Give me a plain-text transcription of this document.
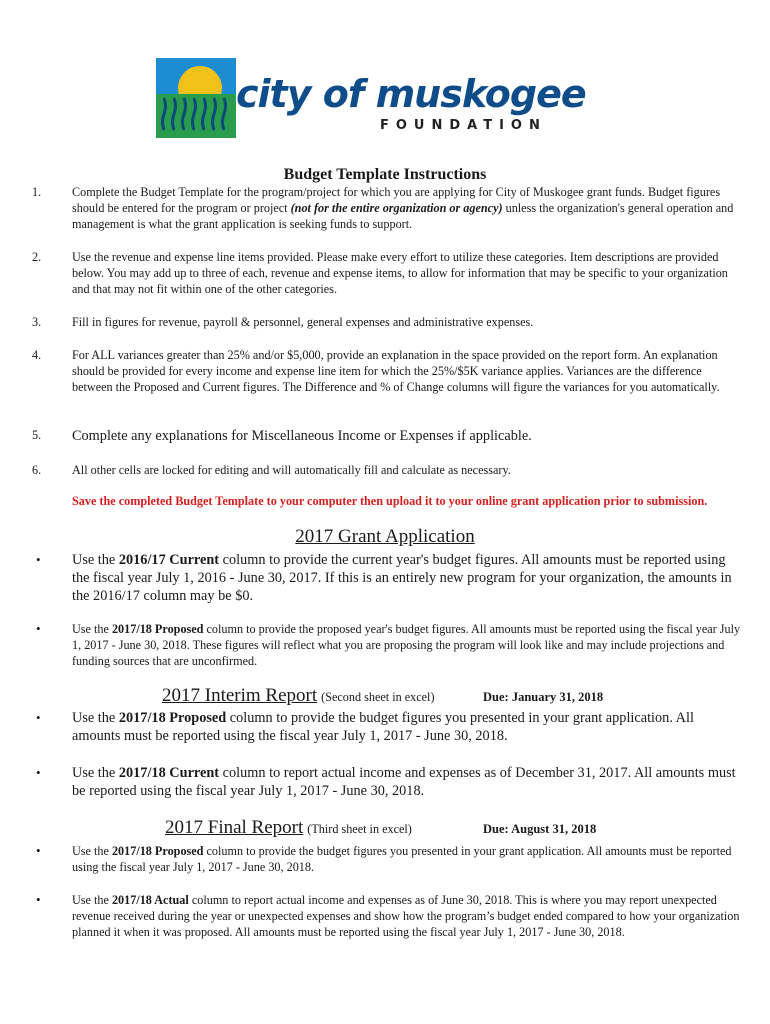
city of muskogee
FOUNDATION
Budget Template Instructions
1.	Complete the Budget Template for the program/project for which you are applying for City of Muskogee grant funds. Budget figures should be entered for the program or project (not for the entire organization or agency) unless the organization's general operation and management is what the grant application is seeking funds to support.
2.	Use the revenue and expense line items provided. Please make every effort to utilize these categories. Item descriptions are provided below. You may add up to three of each, revenue and expense items, to allow for information that may be specific to your organization and that may not fit within one of the other categories.
3.	Fill in figures for revenue, payroll & personnel, general expenses and administrative expenses.
4.	For ALL variances greater than 25% and/or $5,000, provide an explanation in the space provided on the report form. An explanation should be provided for every income and expense line item for which the 25%/$5K variance applies. Variances are the difference between the Proposed and Current figures. The Difference and % of Change columns will figure the variances for you automatically.
5. Complete any explanations for Miscellaneous Income or Expenses if applicable.
6.	All other cells are locked for editing and will automatically fill and calculate as necessary.
Save the completed Budget Template to your computer then upload it to your online grant application prior to submission.
2017 Grant Application
• Use the 2016/17 Current column to provide the current year's budget figures. All amounts must be reported using the fiscal year July 1, 2016 - June 30, 2017. If this is an entirely new program for your organization, the amounts in the 2016/17 column may be $0.
•	Use the 2017/18 Proposed column to provide the proposed year's budget figures. All amounts must be reported using the fiscal year July 1, 2017 - June 30, 2018. These figures will reflect what you are proposing the program will look like and may include projections and funding sources that are unconfirmed.
2017 Interim Report (Second sheet in excel)	Due: January 31, 2018
• Use the 2017/18 Proposed column to provide the budget figures you presented in your grant application. All amounts must be reported using the fiscal year July 1, 2017 - June 30, 2018.
• Use the 2017/18 Current column to report actual income and expenses as of December 31, 2017. All amounts must be reported using the fiscal year July 1, 2017 - June 30, 2018.
2017 Final Report (Third sheet in excel)	Due: August 31, 2018
•	Use the 2017/18 Proposed column to provide the budget figures you presented in your grant application. All amounts must be reported using the fiscal year July 1, 2017 - June 30, 2018.
•	Use the 2017/18 Actual column to report actual income and expenses as of June 30, 2018. This is where you may report unexpected revenue received during the year or unexpected expenses and show how the program’s budget ended compared to how your organization planned it when it was proposed. All amounts must be reported using the fiscal year July 1, 2017 - June 30, 2018.
